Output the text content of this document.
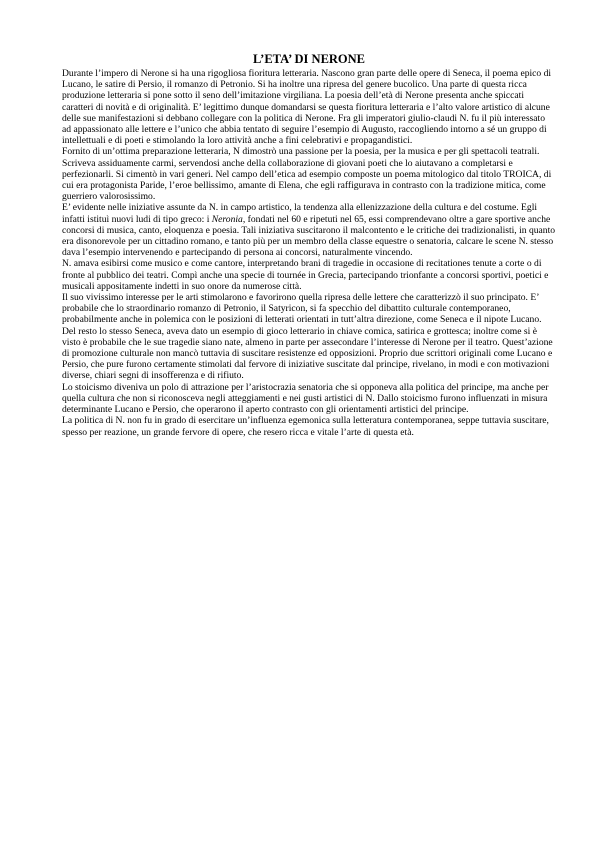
L’ETA’ DI NERONE

Durante l’impero di Nerone si ha una rigogliosa fioritura letteraria. Nascono gran parte delle opere di Seneca, il poema epico di Lucano, le satire di Persio, il romanzo di Petronio. Si ha inoltre una ripresa del genere bucolico. Una parte di questa ricca produzione letteraria si pone sotto il seno dell’imitazione virgiliana. La poesia dell’età di Nerone presenta anche spiccati caratteri di novità e di originalità. E’ legittimo dunque domandarsi se questa fioritura letteraria e l’alto valore artistico di alcune delle sue manifestazioni si debbano collegare con la politica di Nerone. Fra gli imperatori giulio-claudi N. fu il più interessato ad appassionato alle lettere e l’unico che abbia tentato di seguire l’esempio di Augusto, raccogliendo intorno a sé un gruppo di intellettuali e di poeti e stimolando la loro attività anche a fini celebrativi e propagandistici.

Fornito di un’ottima preparazione letteraria, N dimostrò una passione per la poesia, per la musica e per gli spettacoli teatrali. Scriveva assiduamente carmi, servendosi anche della collaborazione di giovani poeti che lo aiutavano a completarsi e perfezionarli. Si cimentò in vari generi. Nel campo dell’etica ad esempio composte un poema mitologico dal titolo TROICA, di cui era protagonista Paride, l’eroe bellissimo, amante di Elena, che egli raffigurava in contrasto con la tradizione mitica, come guerriero valorosissimo.

E’ evidente nelle iniziative assunte da N. in campo artistico, la tendenza alla ellenizzazione della cultura e del costume. Egli infatti istituì nuovi ludi di tipo greco: i Neronia, fondati nel 60 e ripetuti nel 65, essi comprendevano oltre a gare sportive anche concorsi di musica, canto, eloquenza e poesia. Tali iniziativa suscitarono il malcontento e le critiche dei tradizionalisti, in quanto era disonorevole per un cittadino romano, e tanto più per un membro della classe equestre o senatoria, calcare le scene N. stesso dava l’esempio intervenendo e partecipando di persona ai concorsi, naturalmente vincendo.

N. amava esibirsi come musico e come cantore, interpretando brani di tragedie in occasione di recitationes tenute a corte o di fronte al pubblico dei teatri. Compì anche una specie di tournée in Grecia, partecipando trionfante a concorsi sportivi, poetici e musicali appositamente indetti in suo onore da numerose città.

Il suo vivissimo interesse per le arti stimolarono e favorirono quella ripresa delle lettere che caratterizzò il suo principato. E’ probabile che lo straordinario romanzo di Petronio, il Satyricon, si fa specchio del dibattito culturale contemporaneo, probabilmente anche in polemica con le posizioni di letterati orientati in tutt’altra direzione, come Seneca e il nipote Lucano. Del resto lo stesso Seneca, aveva dato un esempio di gioco letterario in chiave comica, satirica e grottesca; inoltre come si è visto è probabile che le sue tragedie siano nate, almeno in parte per assecondare l’interesse di Nerone per il teatro. Quest’azione di promozione culturale non mancò tuttavia di suscitare resistenze ed opposizioni. Proprio due scrittori originali come Lucano e Persio, che pure furono certamente stimolati dal fervore di iniziative suscitate dal principe, rivelano, in modi e con motivazioni diverse, chiari segni di insofferenza e di rifiuto.

Lo stoicismo diveniva un polo di attrazione per l’aristocrazia senatoria che si opponeva alla politica del principe, ma anche per quella cultura che non si riconosceva negli atteggiamenti e nei gusti artistici di N. Dallo stoicismo furono influenzati in misura determinante Lucano e Persio, che operarono il aperto contrasto con gli orientamenti artistici del principe.

La politica di N. non fu in grado di esercitare un’influenza egemonica sulla letteratura contemporanea, seppe tuttavia suscitare, spesso per reazione, un grande fervore di opere, che resero ricca e vitale l’arte di questa età.
